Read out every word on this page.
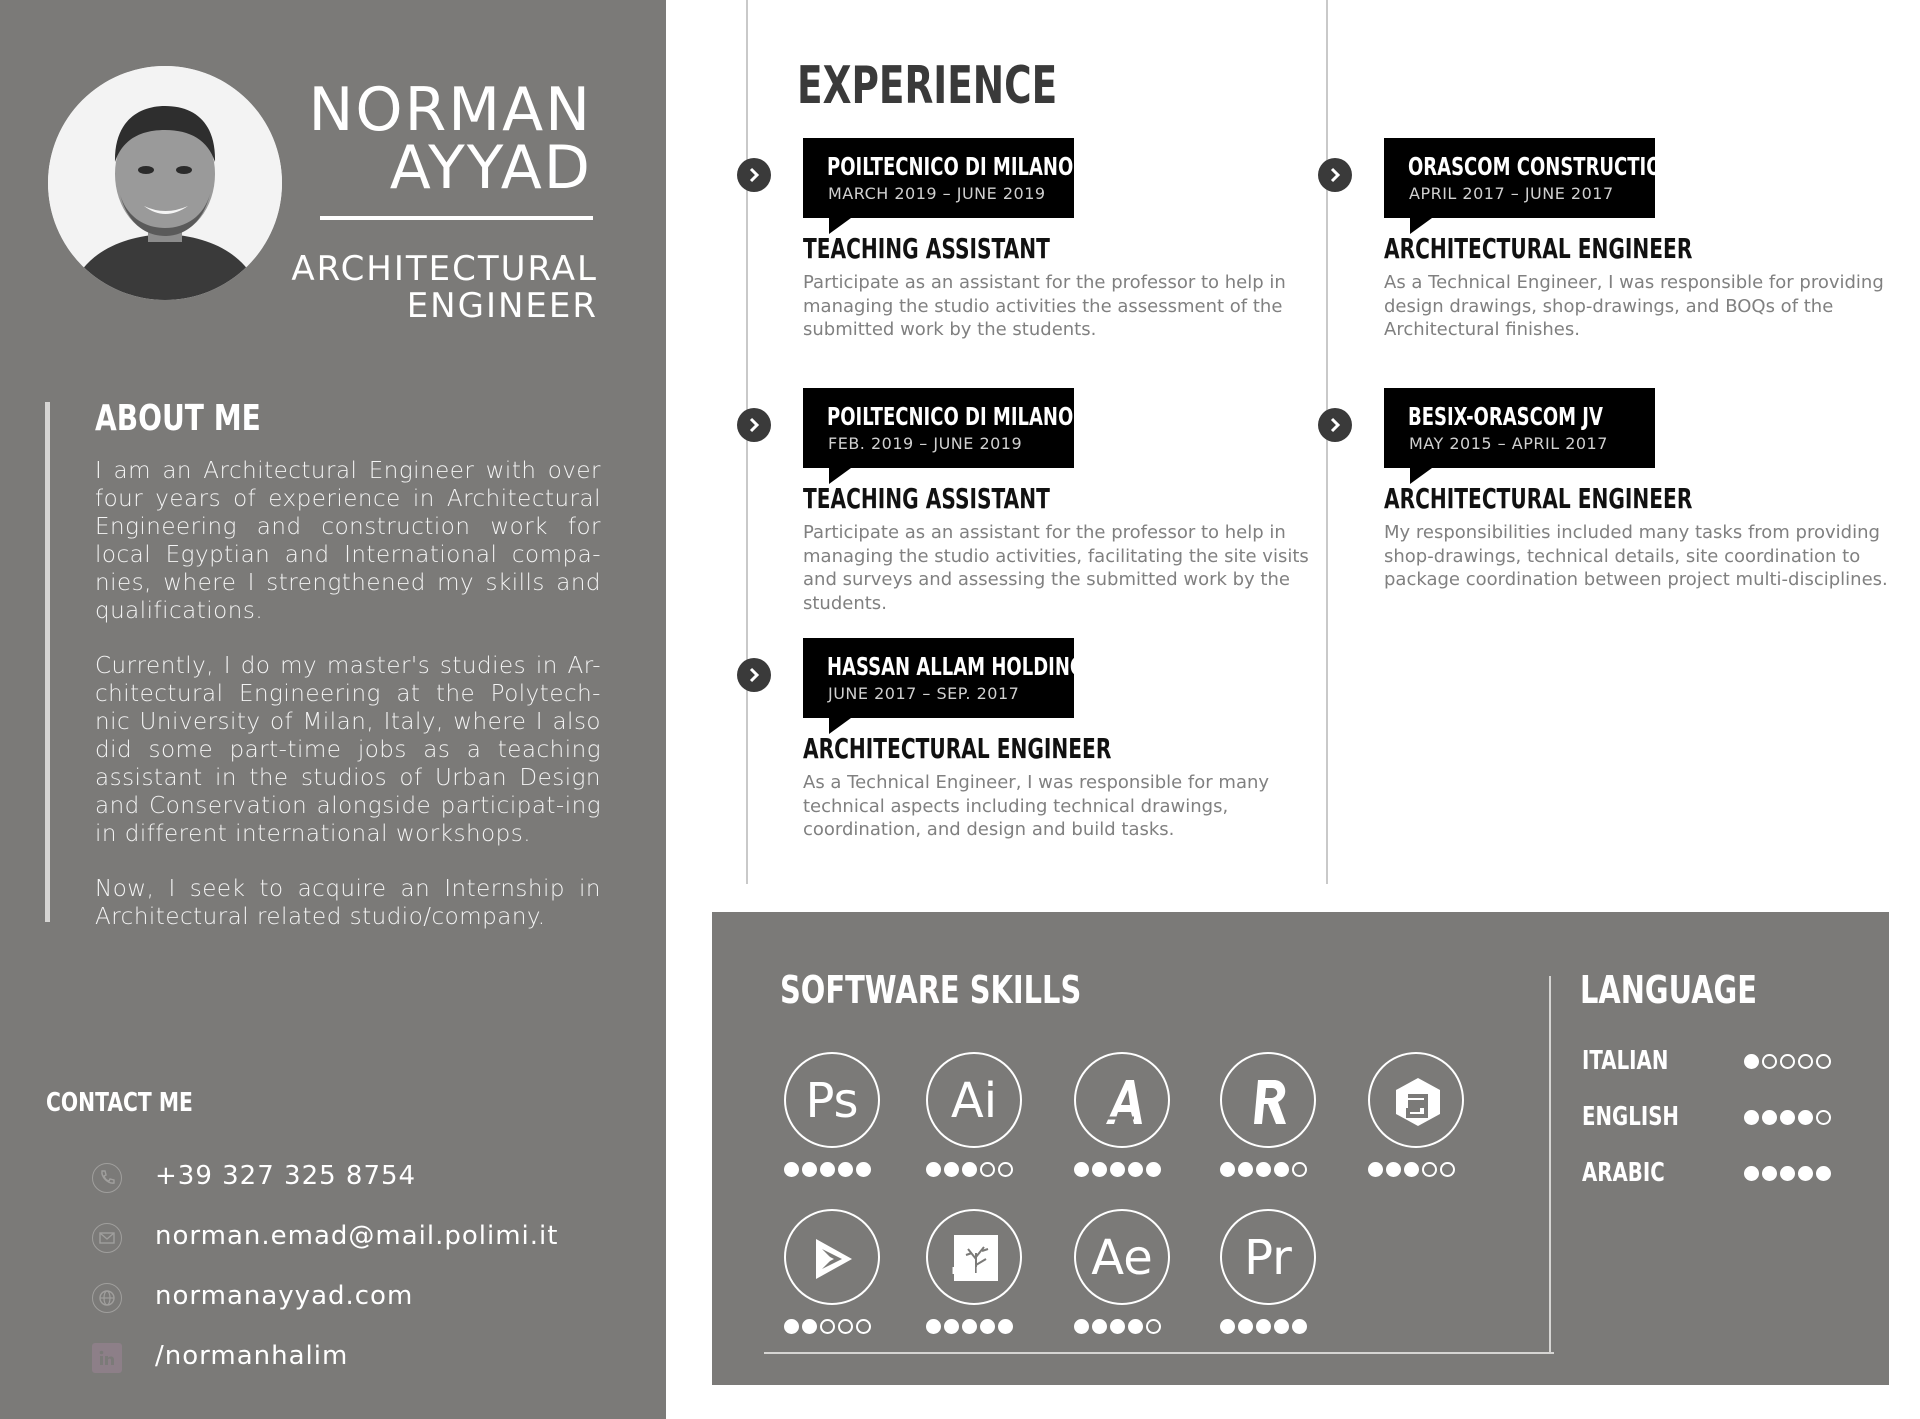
NORMAN
AYYAD
ARCHITECTURAL
ENGINEER
ABOUT ME
I am an Architectural Engineer with over four years of experience in Architectural Engineering and construction work for local Egyptian and International compa-nies, where I strengthened my skills and qualifications.
Currently, I do my master's studies in Ar-chitectural Engineering at the Polytech-nic University of Milan, Italy, where I also did some part-time jobs as a teaching assistant in the studios of Urban Design and Conservation alongside participat-ing in different international workshops.
Now, I seek to acquire an Internship in Architectural related studio/company.
CONTACT ME
+39 327 325 8754
norman.emad@mail.polimi.it
normanayyad.com
/normanhalim
EXPERIENCE
POILTECNICO DI MILANO
MARCH 2019 – JUNE 2019
TEACHING ASSISTANT
Participate as an assistant for the professor to help in managing the studio activities the assessment of the submitted work by the students.
POILTECNICO DI MILANO
FEB. 2019 – JUNE 2019
TEACHING ASSISTANT
Participate as an assistant for the professor to help in managing the studio activities, facilitating the site visits and surveys and assessing the submitted work by the students.
HASSAN ALLAM HOLDING
JUNE 2017 – SEP. 2017
ARCHITECTURAL ENGINEER
As a Technical Engineer, I was responsible for many technical aspects including technical drawings, coordination, and design and build tasks.
ORASCOM CONSTRUCTION
APRIL 2017 – JUNE 2017
ARCHITECTURAL ENGINEER
As a Technical Engineer, I was responsible for providing design drawings, shop-drawings, and BOQs of the Architectural finishes.
BESIX-ORASCOM JV
MAY 2015 – APRIL 2017
ARCHITECTURAL ENGINEER
My responsibilities included many tasks from providing shop-drawings, technical details, site coordination to package coordination between project multi-disciplines.
SOFTWARE SKILLS	LANGUAGE
Ps	Ai
LUMION	Ae	Pr
ITALIAN
ENGLISH
ARABIC
